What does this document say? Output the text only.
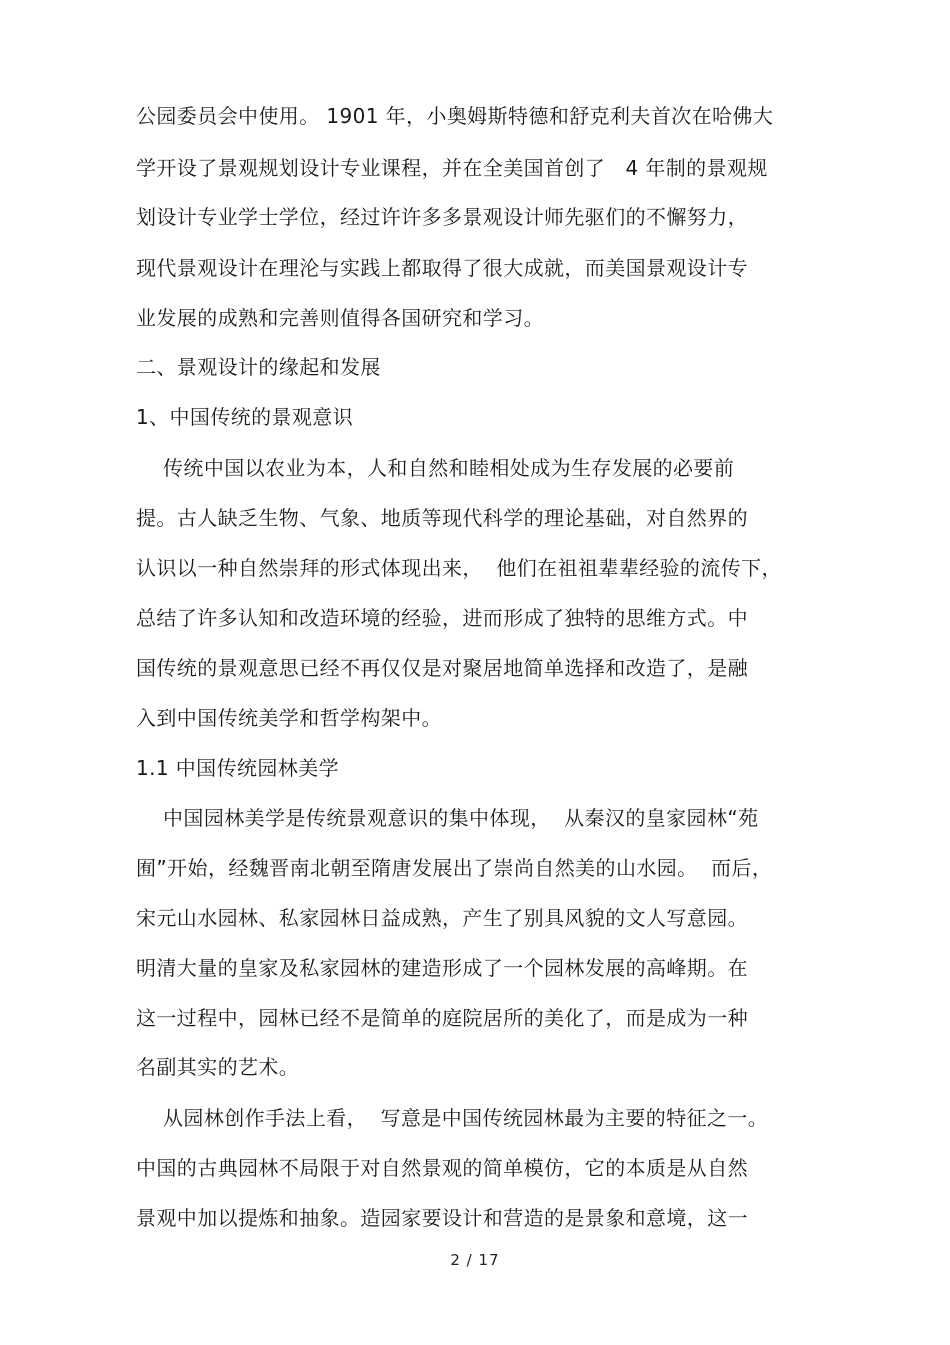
公园委员会中使用。 1901 年，小奥姆斯特德和舒克利夫首次在哈佛大
学开设了景观规划设计专业课程，并在全美国首创了   4 年制的景观规
划设计专业学士学位，经过许许多多景观设计师先驱们的不懈努力，
现代景观设计在理沦与实践上都取得了很大成就，而美国景观设计专
业发展的成熟和完善则值得各国研究和学习。
二、景观设计的缘起和发展
1、中国传统的景观意识
传统中国以农业为本，人和自然和睦相处成为生存发展的必要前
提。古人缺乏生物、气象、地质等现代科学的理论基础，对自然界的
认识以一种自然崇拜的形式体现出来，  他们在祖祖辈辈经验的流传下，
总结了许多认知和改造环境的经验，进而形成了独特的思维方式。中
国传统的景观意思已经不再仅仅是对聚居地简单选择和改造了，是融
入到中国传统美学和哲学构架中。
1.1 中国传统园林美学
中国园林美学是传统景观意识的集中体现，  从秦汉的皇家园林“苑
囿”开始，经魏晋南北朝至隋唐发展出了崇尚自然美的山水园。  而后，
宋元山水园林、私家园林日益成熟，产生了别具风貌的文人写意园。
明清大量的皇家及私家园林的建造形成了一个园林发展的高峰期。在
这一过程中，园林已经不是简单的庭院居所的美化了，而是成为一种
名副其实的艺术。
从园林创作手法上看，  写意是中国传统园林最为主要的特征之一。
中国的古典园林不局限于对自然景观的简单模仿，它的本质是从自然
景观中加以提炼和抽象。造园家要设计和营造的是景象和意境，这一
2 / 17
